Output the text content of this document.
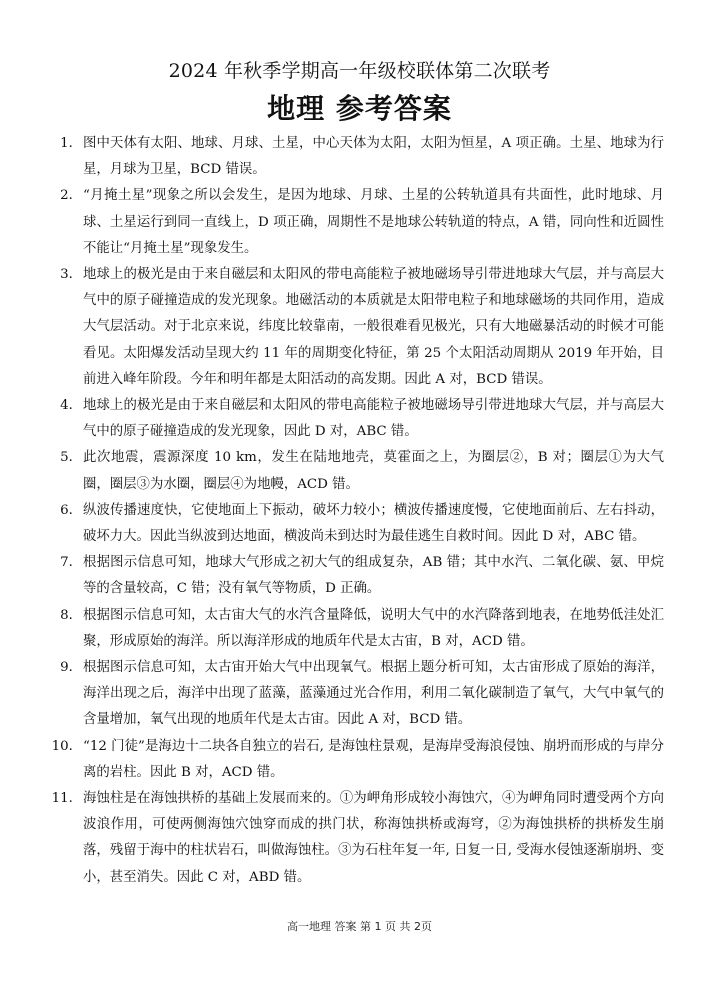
2024 年秋季学期高一年级校联体第二次联考
地理 参考答案
1． 图中天体有太阳、地球、月球、土星，中心天体为太阳，太阳为恒星，A 项正确。土星、地球为行星，月球为卫星，BCD 错误。
2． “月掩土星”现象之所以会发生，是因为地球、月球、土星的公转轨道具有共面性，此时地球、月球、土星运行到同一直线上，D 项正确，周期性不是地球公转轨道的特点，A 错，同向性和近圆性不能让“月掩土星”现象发生。
3． 地球上的极光是由于来自磁层和太阳风的带电高能粒子被地磁场导引带进地球大气层，并与高层大气中的原子碰撞造成的发光现象。地磁活动的本质就是太阳带电粒子和地球磁场的共同作用，造成大气层活动。对于北京来说，纬度比较靠南，一般很难看见极光，只有大地磁暴活动的时候才可能看见。太阳爆发活动呈现大约 11 年的周期变化特征，第 25 个太阳活动周期从 2019 年开始，目前进入峰年阶段。今年和明年都是太阳活动的高发期。因此 A 对，BCD 错误。
4． 地球上的极光是由于来自磁层和太阳风的带电高能粒子被地磁场导引带进地球大气层，并与高层大气中的原子碰撞造成的发光现象，因此 D 对，ABC 错。
5． 此次地震，震源深度 10 km，发生在陆地地壳，莫霍面之上，为圈层②，B 对；圈层①为大气圈，圈层③为水圈，圈层④为地幔，ACD 错。
6． 纵波传播速度快，它使地面上下振动，破坏力较小；横波传播速度慢，它使地面前后、左右抖动，破坏力大。因此当纵波到达地面，横波尚未到达时为最佳逃生自救时间。因此 D 对，ABC 错。
7． 根据图示信息可知，地球大气形成之初大气的组成复杂，AB 错；其中水汽、二氧化碳、氨、甲烷等的含量较高，C 错；没有氧气等物质，D 正确。
8． 根据图示信息可知，太古宙大气的水汽含量降低，说明大气中的水汽降落到地表，在地势低洼处汇聚，形成原始的海洋。所以海洋形成的地质年代是太古宙，B 对，ACD 错。
9． 根据图示信息可知，太古宙开始大气中出现氧气。根据上题分析可知，太古宙形成了原始的海洋，海洋出现之后，海洋中出现了蓝藻，蓝藻通过光合作用，利用二氧化碳制造了氧气，大气中氧气的含量增加，氧气出现的地质年代是太古宙。因此 A 对，BCD 错。
10． “12 门徒”是海边十二块各自独立的岩石, 是海蚀柱景观，是海岸受海浪侵蚀、崩坍而形成的与岸分离的岩柱。因此 B 对，ACD 错。
11． 海蚀柱是在海蚀拱桥的基础上发展而来的。①为岬角形成较小海蚀穴，④为岬角同时遭受两个方向波浪作用，可使两侧海蚀穴蚀穿而成的拱门状，称海蚀拱桥或海穹，②为海蚀拱桥的拱桥发生崩落，残留于海中的柱状岩石，叫做海蚀柱。③为石柱年复一年, 日复一日, 受海水侵蚀逐渐崩坍、变小，甚至消失。因此 C 对，ABD 错。
高一地理 答案 第 1 页 共 2页
